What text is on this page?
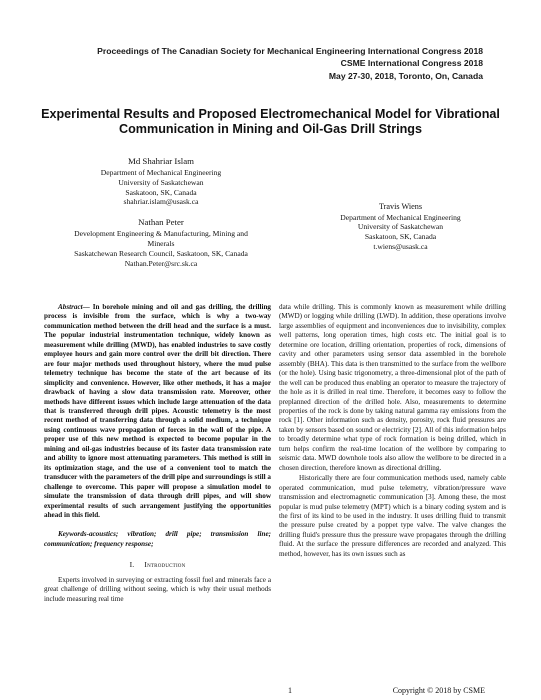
Proceedings of The Canadian Society for Mechanical Engineering International Congress 2018
CSME International Congress 2018
May 27-30, 2018, Toronto, On, Canada
Experimental Results and Proposed Electromechanical Model for Vibrational
Communication in Mining and Oil-Gas Drill Strings
Md Shahriar Islam
Department of Mechanical Engineering
University of Saskatchewan
Saskatoon, SK, Canada
shahriar.islam@usask.ca
Nathan Peter
Development Engineering & Manufacturing, Mining and
Minerals
Saskatchewan Research Council, Saskatoon, SK, Canada
Nathan.Peter@src.sk.ca
Travis Wiens
Department of Mechanical Engineering
University of Saskatchewan
Saskatoon, SK, Canada
t.wiens@usask.ca

Abstract— In borehole mining and oil and gas drilling, the drilling process is invisible from the surface, which is why a two-way communication method between the drill head and the surface is a must. The popular industrial instrumentation technique, widely known as measurement while drilling (MWD), has enabled industries to save costly employee hours and gain more control over the drill bit direction. There are four major methods used throughout history, where the mud pulse telemetry technique has become the state of the art because of its simplicity and convenience. However, like other methods, it has a major drawback of having a slow data transmission rate. Moreover, other methods have different issues which include large attenuation of the data that is transferred through drill pipes. Acoustic telemetry is the most recent method of transferring data through a solid medium, a technique using continuous wave propagation of forces in the wall of the pipe. A proper use of this new method is expected to become popular in the mining and oil-gas industries because of its faster data transmission rate and ability to ignore most attenuating parameters. This method is still in its optimization stage, and the use of a convenient tool to match the transducer with the parameters of the drill pipe and surroundings is still a challenge to overcome. This paper will propose a simulation model to simulate the transmission of data through drill pipes, and will show experimental results of such arrangement justifying the opportunities ahead in this field.

Keywords-acoustics; vibration; drill pipe; transmission line; communication; frequency response;

I. Introduction

Experts involved in surveying or extracting fossil fuel and minerals face a great challenge of drilling without seeing, which is why their usual methods include measuring real time

data while drilling. This is commonly known as measurement while drilling (MWD) or logging while drilling (LWD). In addition, these operations involve large assemblies of equipment and inconveniences due to invisibility, complex well patterns, long operation times, high costs etc. The initial goal is to determine ore location, drilling orientation, properties of rock, dimensions of cavity and other parameters using sensor data assembled in the borehole assembly (BHA). This data is then transmitted to the surface from the wellbore (or the hole). Using basic trigonometry, a three-dimensional plot of the path of the well can be produced thus enabling an operator to measure the trajectory of the hole as it is drilled in real time. Therefore, it becomes easy to follow the preplanned direction of the drilled hole. Also, measurements to determine properties of the rock is done by taking natural gamma ray emissions from the rock [1]. Other information such as density, porosity, rock fluid pressures are taken by sensors based on sound or electricity [2]. All of this information helps to broadly determine what type of rock formation is being drilled, which in turn helps confirm the real-time location of the wellbore by comparing to seismic data. MWD downhole tools also allow the wellbore to be directed in a chosen direction, therefore known as directional drilling.

Historically there are four communication methods used, namely cable operated communication, mud pulse telemetry, vibration/pressure wave transmission and electromagnetic communication [3]. Among these, the most popular is mud pulse telemetry (MPT) which is a binary coding system and is the first of its kind to be used in the industry. It uses drilling fluid to transmit the pressure pulse created by a poppet type valve. The valve changes the drilling fluid's pressure thus the pressure wave propagates through the drilling fluid. At the surface the pressure differences are recorded and analyzed. This method, however, has its own issues such as

1	Copyright © 2018 by CSME
